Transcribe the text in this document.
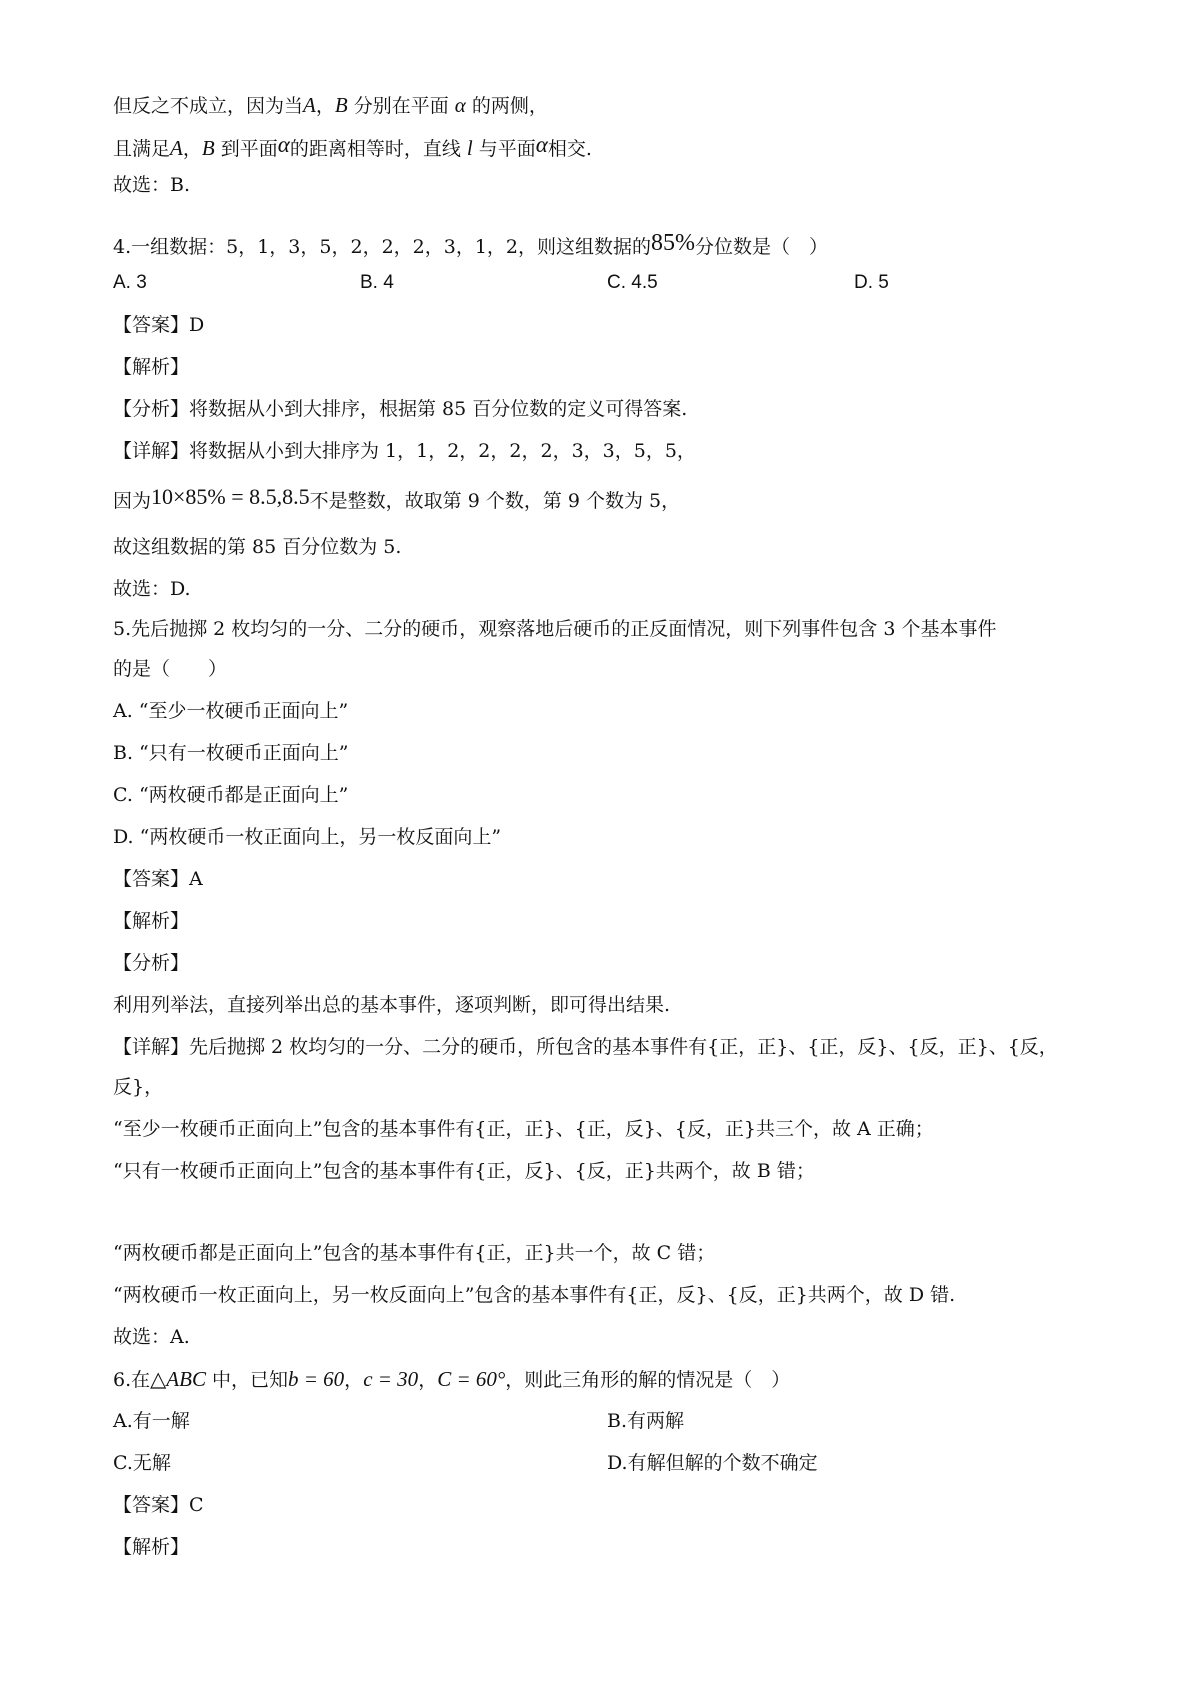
但反之不成立，因为当A，B 分别在平面 α 的两侧，
且满足A，B 到平面α的距离相等时，直线 l 与平面α相交.
故选：B.
4.一组数据：5，1，3，5，2，2，2，3，1，2，则这组数据的85%分位数是（　）
A. 3	B. 4	C. 4.5	D. 5
【答案】D
【解析】
【分析】将数据从小到大排序，根据第 85 百分位数的定义可得答案.
【详解】将数据从小到大排序为 1，1，2，2，2，2，3，3，5，5，
因为10×85% = 8.5,8.5不是整数，故取第 9 个数，第 9 个数为 5，
故这组数据的第 85 百分位数为 5.
故选：D.
5.先后抛掷 2 枚均匀的一分、二分的硬币，观察落地后硬币的正反面情况，则下列事件包含 3 个基本事件
的是（　　）
A. “至少一枚硬币正面向上”
B. “只有一枚硬币正面向上”
C. “两枚硬币都是正面向上”
D. “两枚硬币一枚正面向上，另一枚反面向上”
【答案】A
【解析】
【分析】
利用列举法，直接列举出总的基本事件，逐项判断，即可得出结果.
【详解】先后抛掷 2 枚均匀的一分、二分的硬币，所包含的基本事件有{正，正}、{正，反}、{反，正}、{反，
反}，
“至少一枚硬币正面向上”包含的基本事件有{正，正}、{正，反}、{反，正}共三个，故 A 正确；
“只有一枚硬币正面向上”包含的基本事件有{正，反}、{反，正}共两个，故 B 错；
“两枚硬币都是正面向上”包含的基本事件有{正，正}共一个，故 C 错；
“两枚硬币一枚正面向上，另一枚反面向上”包含的基本事件有{正，反}、{反，正}共两个，故 D 错.
故选：A.
6.在△ABC 中，已知b = 60，c = 30，C = 60°，则此三角形的解的情况是（　）
A.有一解	B.有两解
C.无解	D.有解但解的个数不确定
【答案】C
【解析】
